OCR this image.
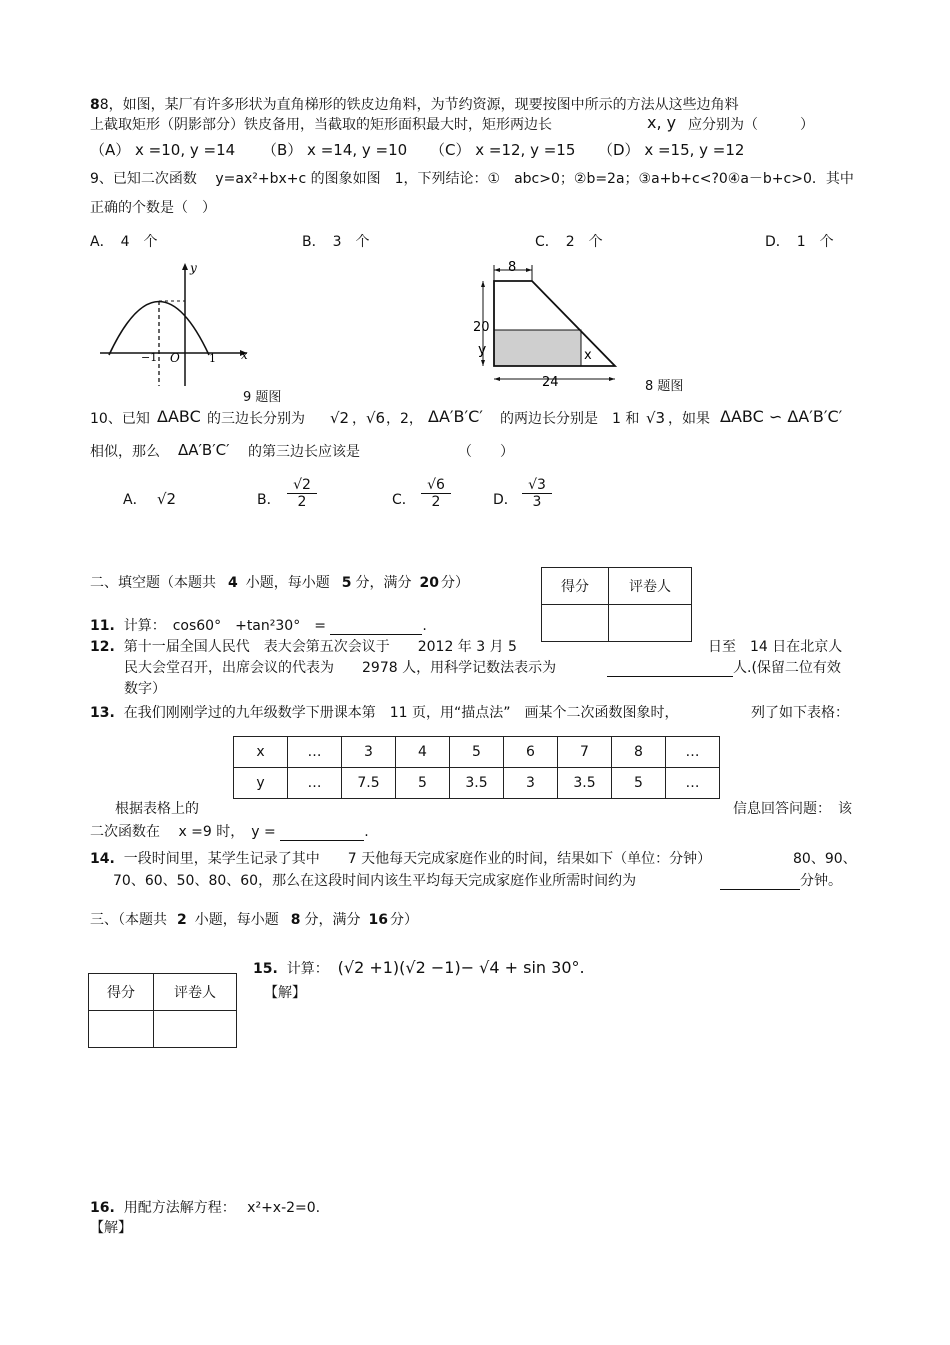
88，如图，某厂有许多形状为直角梯形的铁皮边角料，为节约资源，现要按图中所示的方法从这些边角料
上截取矩形（阴影部分）铁皮备用，当截取的矩形面积最大时，矩形两边长	x, y 应分别为（　　　）
（A） x =10, y =14 （B） x =14, y =10 （C） x =12, y =15 （D） x =15, y =12
9、已知二次函数　 y=ax²+bx+c 的图象如图　1，下列结论：①　abc>0；②b=2a；③a+b+c<?0④a－b+c>0．其中
正确的个数是（　）
A．　4　个	B．　3　个	C．　2　个	D．　1　个
y
x
−1 O	1
9 题图
8
20
y	x
24	8 题图
10、已知 ΔABC 的三边长分别为　 √2 ， √6 ，2， ΔA′B′C′ 的两边长分别是　1 和 √3 ，如果 ΔABC ∽ ΔA′B′C′
相似，那么 ΔA′B′C′ 的第三边长应该是	（　　）
A． √2	B． $\frac{√2}{2}$	C． $\frac{√6}{2}$	D． $\frac{√3}{3}$
二、填空题（本题共 4 小题，每小题 5 分，满分 20 分）	得分	评卷人

11. 计算：　cos60°　+tan²30°　=	.
12. 第十一届全国人民代　表大会第五次会议于　　2012 年 3 月 5	日至　14 日在北京人
民大会堂召开，出席会议的代表为　　2978 人，用科学记数法表示为	人.(保留二位有效
数字）
13. 在我们刚刚学过的九年级数学下册课本第　11 页，用“描点法”　画某个二次函数图象时，	列了如下表格：
x	…	3	4	5	6	7	8	…
y	…	7.5	5	3.5	3	3.5	5	…
根据表格上的	信息回答问题：　该
二次函数在　 x =9 时，　y =	.
14. 一段时间里，某学生记录了其中　　7 天他每天完成家庭作业的时间，结果如下（单位：分钟）	80、90、
70、60、50、80、60，那么在这段时间内该生平均每天完成家庭作业所需时间约为	分钟。
三、（本题共 2 小题，每小题 8 分，满分 16 分）
得分	评卷人

15. 计算： (√2 +1)(√2 −1)− √4 + sin 30°.
【解】
16. 用配方法解方程：　 x²+x-2=0.
【解】
